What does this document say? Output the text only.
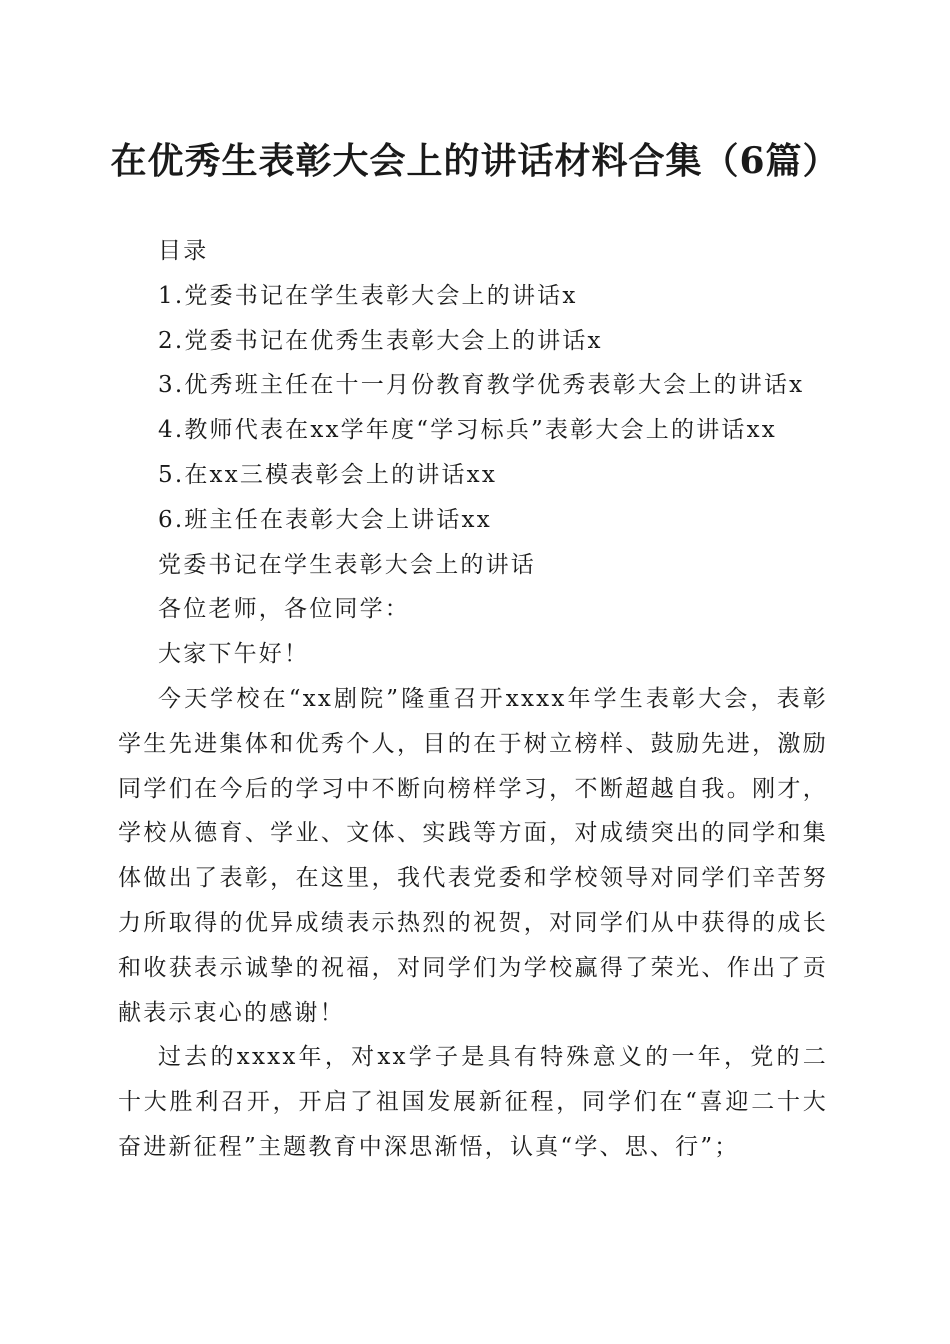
在优秀生表彰大会上的讲话材料合集（6篇）
目录
1.党委书记在学生表彰大会上的讲话x
2.党委书记在优秀生表彰大会上的讲话x
3.优秀班主任在十一月份教育教学优秀表彰大会上的讲话x
4.教师代表在xx学年度“学习标兵”表彰大会上的讲话xx
5.在xx三模表彰会上的讲话xx
6.班主任在表彰大会上讲话xx
党委书记在学生表彰大会上的讲话
各位老师，各位同学：
大家下午好！

今天学校在“xx剧院”隆重召开xxxx年学生表彰大会，表彰学生先进集体和优秀个人，目的在于树立榜样、鼓励先进，激励同学们在今后的学习中不断向榜样学习，不断超越自我。刚才，学校从德育、学业、文体、实践等方面，对成绩突出的同学和集体做出了表彰，在这里，我代表党委和学校领导对同学们辛苦努力所取得的优异成绩表示热烈的祝贺，对同学们从中获得的成长和收获表示诚挚的祝福，对同学们为学校赢得了荣光、作出了贡献表示衷心的感谢！

过去的xxxx年，对xx学子是具有特殊意义的一年，党的二十大胜利召开，开启了祖国发展新征程，同学们在“喜迎二十大奋进新征程”主题教育中深思渐悟，认真“学、思、行”；
